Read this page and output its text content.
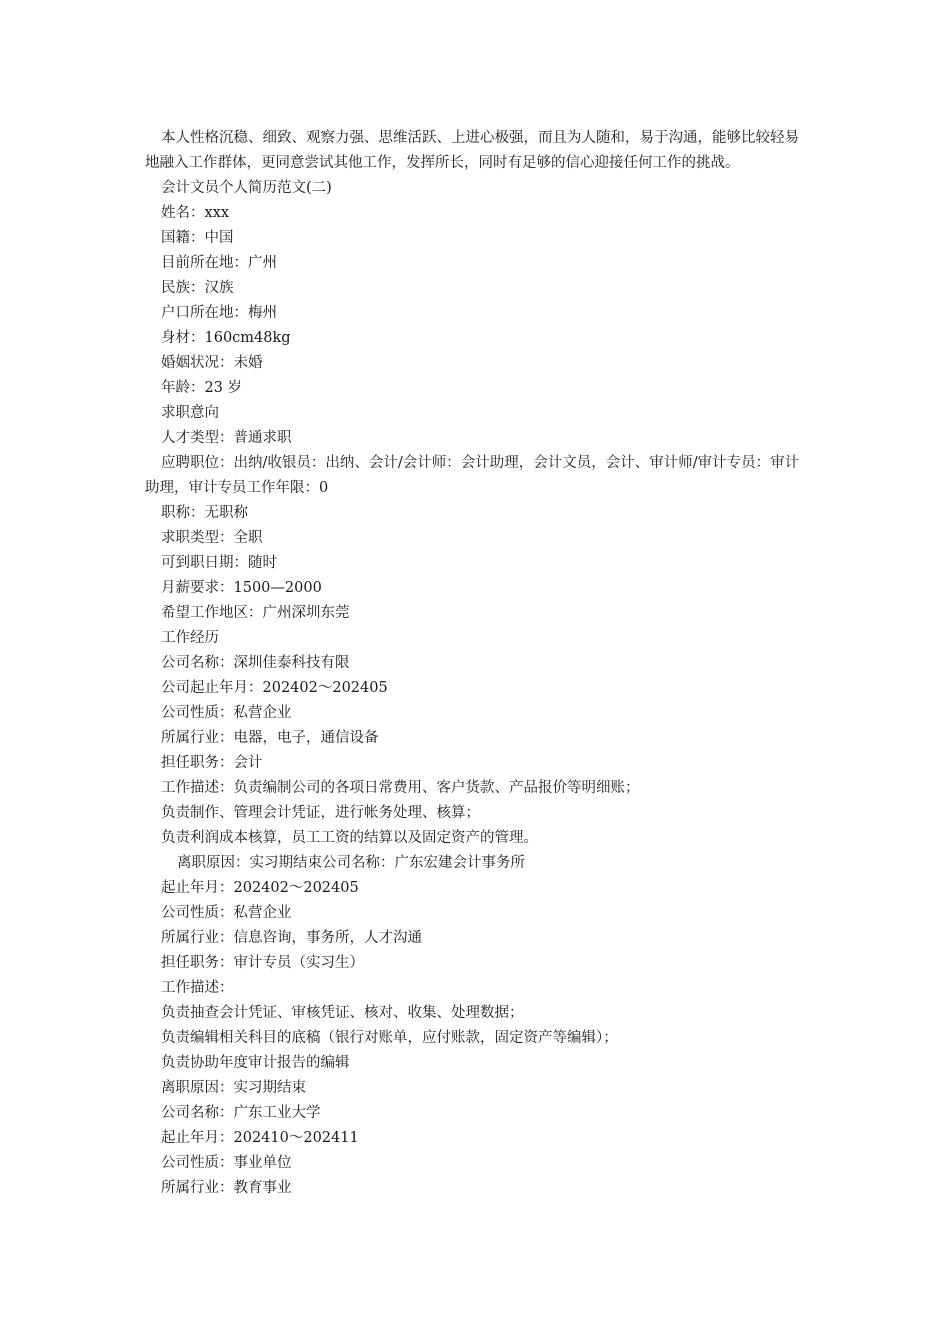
本人性格沉稳、细致、观察力强、思维活跃、上进心极强，而且为人随和，易于沟通，能够比较轻易地融入工作群体，更同意尝试其他工作，发挥所长，同时有足够的信心迎接任何工作的挑战。

会计文员个人简历范文(二)

姓名：xxx

国籍：中国

目前所在地：广州

民族：汉族

户口所在地：梅州

身材：160cm48kg

婚姻状况：未婚

年龄：23 岁

求职意向

人才类型：普通求职

应聘职位：出纳/收银员：出纳、会计/会计师：会计助理，会计文员，会计、审计师/审计专员：审计助理，审计专员工作年限：0

职称：无职称

求职类型：全职

可到职日期：随时

月薪要求：1500—2000

希望工作地区：广州深圳东莞

工作经历

公司名称：深圳佳泰科技有限

公司起止年月：202402～202405

公司性质：私营企业

所属行业：电器，电子，通信设备

担任职务：会计

工作描述：负责编制公司的各项日常费用、客户货款、产品报价等明细账；

负责制作、管理会计凭证，进行帐务处理、核算；

负责利润成本核算，员工工资的结算以及固定资产的管理。

离职原因：实习期结束公司名称：广东宏建会计事务所

起止年月：202402～202405

公司性质：私营企业

所属行业：信息咨询，事务所，人才沟通

担任职务：审计专员（实习生）

工作描述：

负责抽查会计凭证、审核凭证、核对、收集、处理数据；

负责编辑相关科目的底稿（银行对账单，应付账款，固定资产等编辑）；

负责协助年度审计报告的编辑

离职原因：实习期结束

公司名称：广东工业大学

起止年月：202410～202411

公司性质：事业单位

所属行业：教育事业
